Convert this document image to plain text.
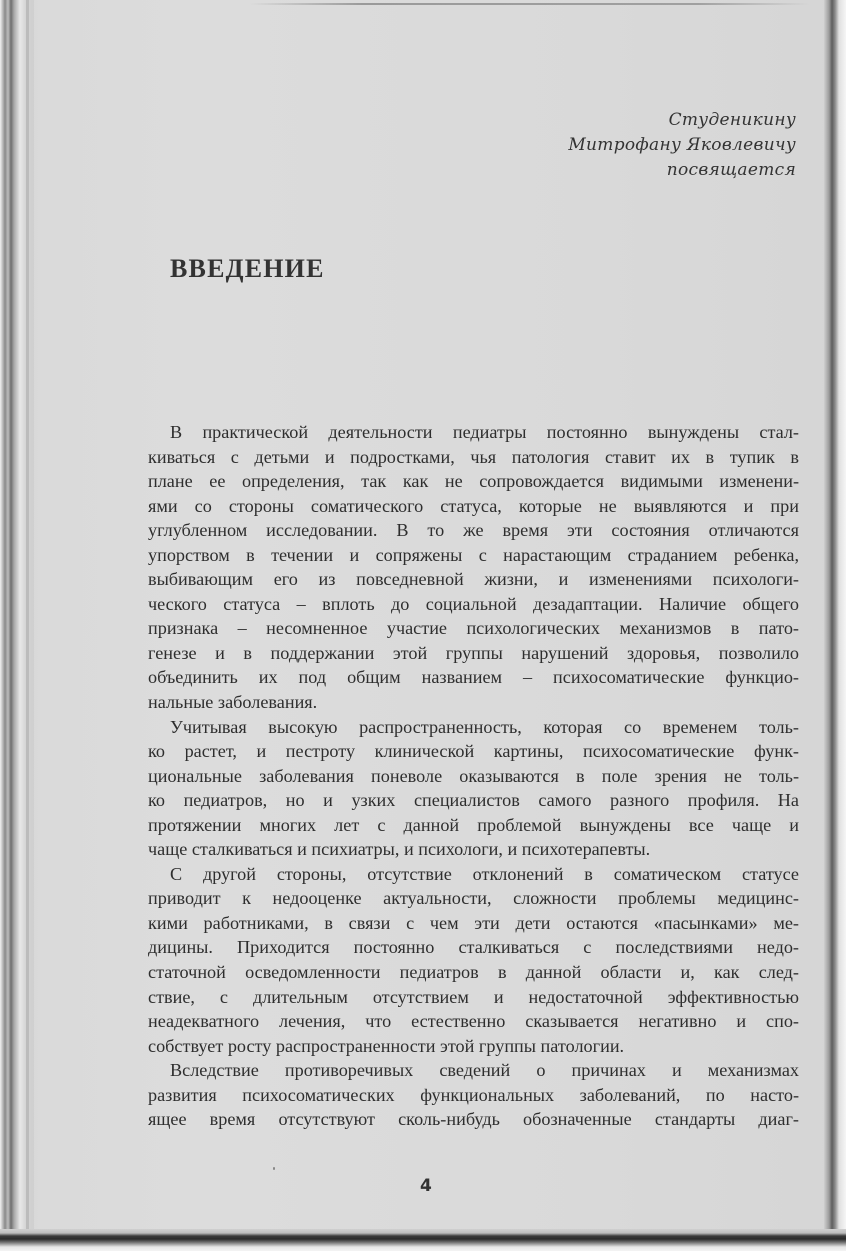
Студеникину
Митрофану Яковлевичу
посвящается
ВВЕДЕНИЕ
В практической деятельности педиатры постоянно вынуждены стал-
киваться с детьми и подростками, чья патология ставит их в тупик в
плане ее определения, так как не сопровождается видимыми изменени-
ями со стороны соматического статуса, которые не выявляются и при
углубленном исследовании. В то же время эти состояния отличаются
упорством в течении и сопряжены с нарастающим страданием ребенка,
выбивающим его из повседневной жизни, и изменениями психологи-
ческого статуса – вплоть до социальной дезадаптации. Наличие общего
признака – несомненное участие психологических механизмов в пато-
генезе и в поддержании этой группы нарушений здоровья, позволило
объединить их под общим названием – психосоматические функцио-
нальные заболевания.
Учитывая высокую распространенность, которая со временем толь-
ко растет, и пестроту клинической картины, психосоматические функ-
циональные заболевания поневоле оказываются в поле зрения не толь-
ко педиатров, но и узких специалистов самого разного профиля. На
протяжении многих лет с данной проблемой вынуждены все чаще и
чаще сталкиваться и психиатры, и психологи, и психотерапевты.
С другой стороны, отсутствие отклонений в соматическом статусе
приводит к недооценке актуальности, сложности проблемы медицинс-
кими работниками, в связи с чем эти дети остаются «пасынками» ме-
дицины. Приходится постоянно сталкиваться с последствиями недо-
статочной осведомленности педиатров в данной области и, как след-
ствие, с длительным отсутствием и недостаточной эффективностью
неадекватного лечения, что естественно сказывается негативно и спо-
собствует росту распространенности этой группы патологии.
Вследствие противоречивых сведений о причинах и механизмах
развития психосоматических функциональных заболеваний, по насто-
ящее время отсутствуют сколь-нибудь обозначенные стандарты диаг-
4
